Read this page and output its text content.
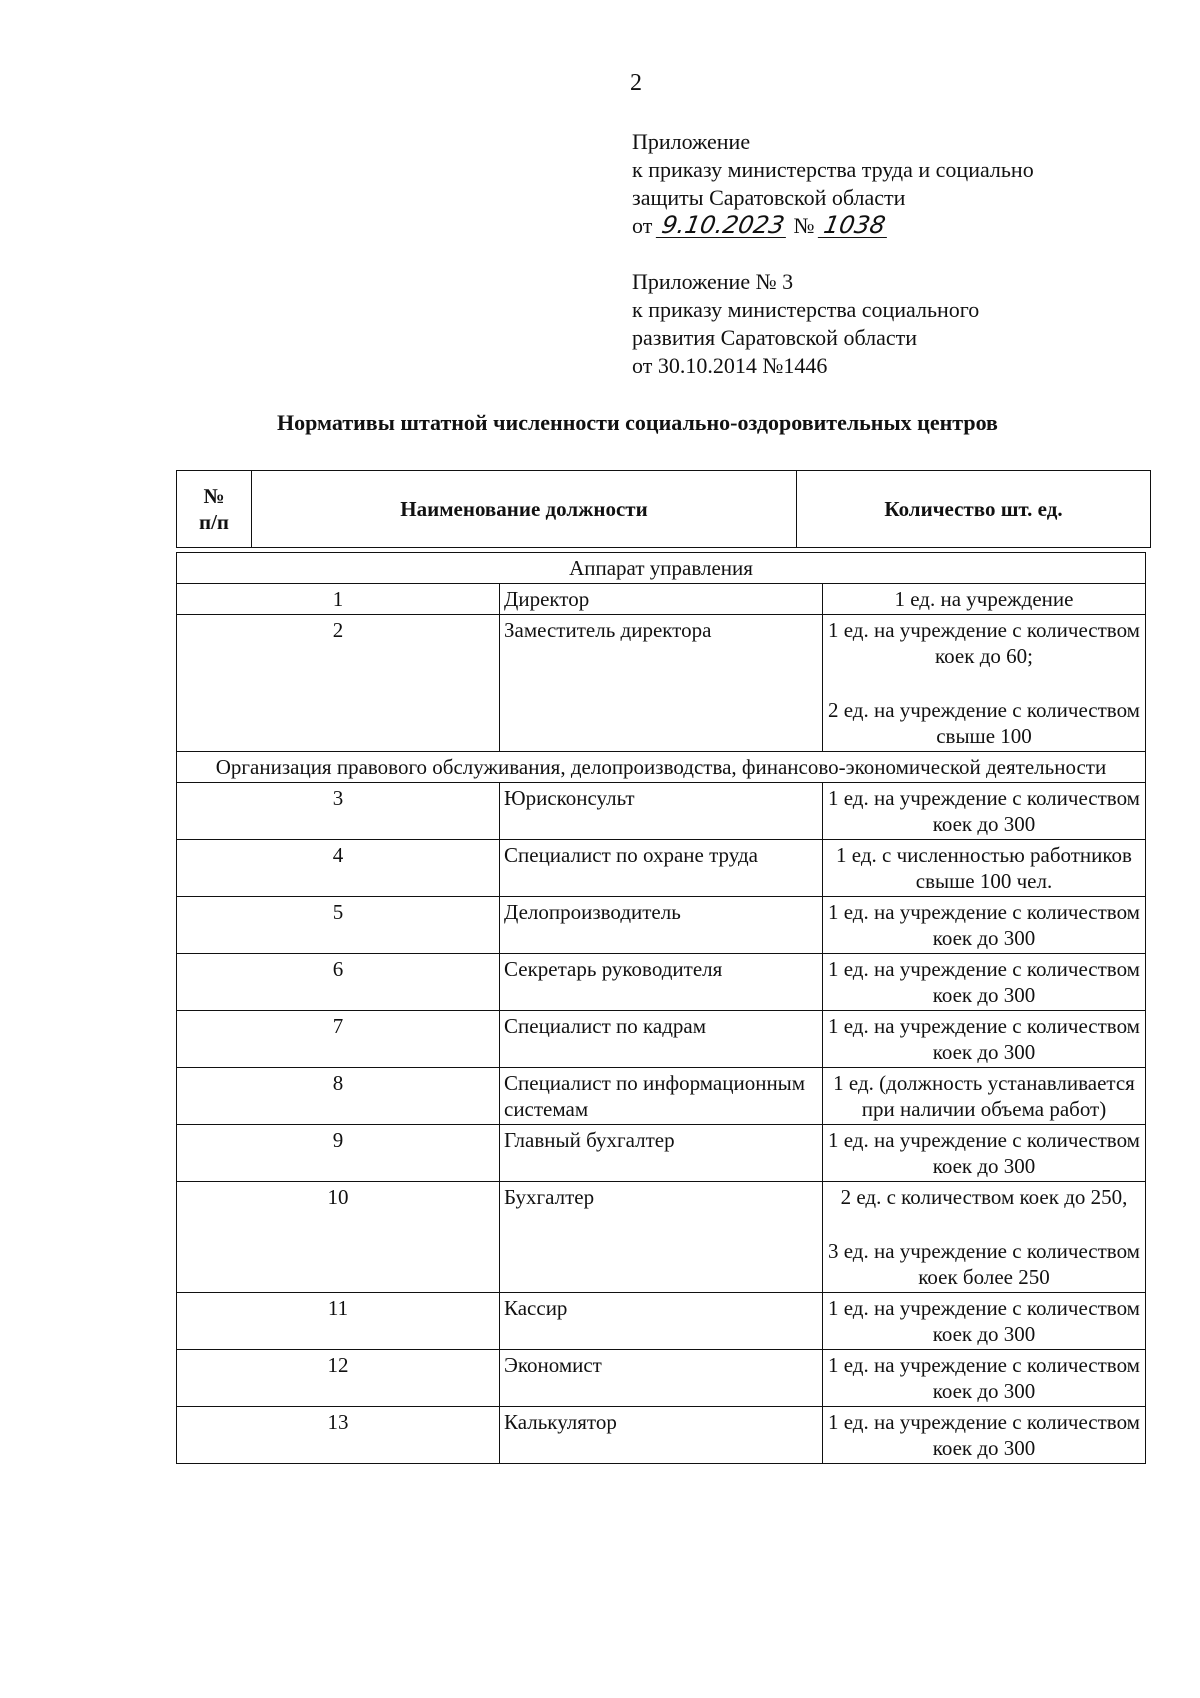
2
Приложение
к приказу министерства труда и социально
защиты Саратовской области
от 9.10.2023 № 1038
Приложение № 3
к приказу министерства социального
развития Саратовской области
от 30.10.2014 №1446
Нормативы штатной численности социально-оздоровительных центров
№
п/п
Наименование должности	Количество шт. ед.
Аппарат управления		
1	Директор	1 ед. на учреждение

2	Заместитель директора	1 ед. на учреждение с количеством коек до 60;
2 ед. на учреждение с количеством свыше 100

Организация правового обслуживания, делопроизводства, финансово-экономической деятельности		
3	Юрисконсульт	1 ед. на учреждение с количеством коек до 300

4	Специалист по охране труда	1 ед. с численностью работников свыше 100 чел.

5	Делопроизводитель	1 ед. на учреждение с количеством коек до 300

6	Секретарь руководителя	1 ед. на учреждение с количеством коек до 300

7	Специалист по кадрам	1 ед. на учреждение с количеством коек до 300

8	Специалист по информационным системам	1 ед. (должность устанавливается при наличии объема работ)

9	Главный бухгалтер	1 ед. на учреждение с количеством коек до 300

10	Бухгалтер	2 ед. с количеством коек до 250,
3 ед. на учреждение с количеством коек более 250

11	Кассир	1 ед. на учреждение с количеством коек до 300

12	Экономист	1 ед. на учреждение с количеством коек до 300

13	Калькулятор	1 ед. на учреждение с количеством коек до 300
